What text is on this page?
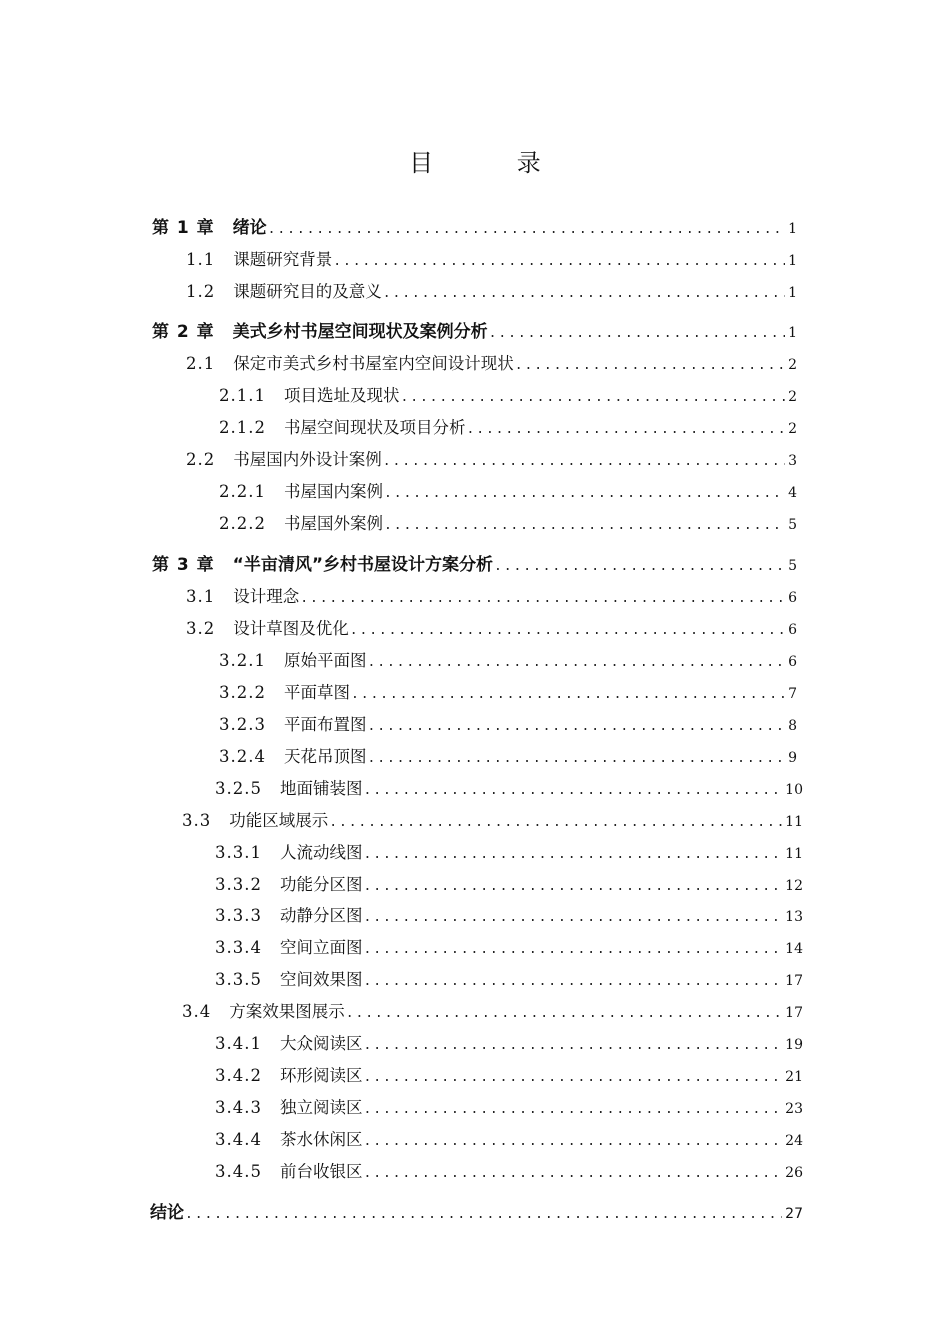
目 录
第 1 章	绪论 .....	1
1.1	课题研究背景 .....	1
1.2	课题研究目的及意义 .....	1
第 2 章	美式乡村书屋空间现状及案例分析 .....	1
2.1	保定市美式乡村书屋室内空间设计现状 .....	2
2.1.1	项目选址及现状 .....	2
2.1.2	书屋空间现状及项目分析 .....	2
2.2	书屋国内外设计案例 .....	3
2.2.1	书屋国内案例 .....	4
2.2.2	书屋国外案例 .....	5
第 3 章	“半亩清风”乡村书屋设计方案分析 .....	5
3.1	设计理念 .....	6
3.2	设计草图及优化 .....	6
3.2.1	原始平面图 .....	6
3.2.2	平面草图 .....	7
3.2.3	平面布置图 .....	8
3.2.4	天花吊顶图 .....	9
3.2.5	地面铺装图 .....	10
3.3	功能区域展示 .....	11
3.3.1	人流动线图 .....	11
3.3.2	功能分区图 .....	12
3.3.3	动静分区图 .....	13
3.3.4	空间立面图 .....	14
3.3.5	空间效果图 .....	17
3.4	方案效果图展示 .....	17
3.4.1	大众阅读区 .....	19
3.4.2	环形阅读区 .....	21
3.4.3	独立阅读区 .....	23
3.4.4	茶水休闲区 .....	24
3.4.5	前台收银区 .....	26
结论 .....	27
